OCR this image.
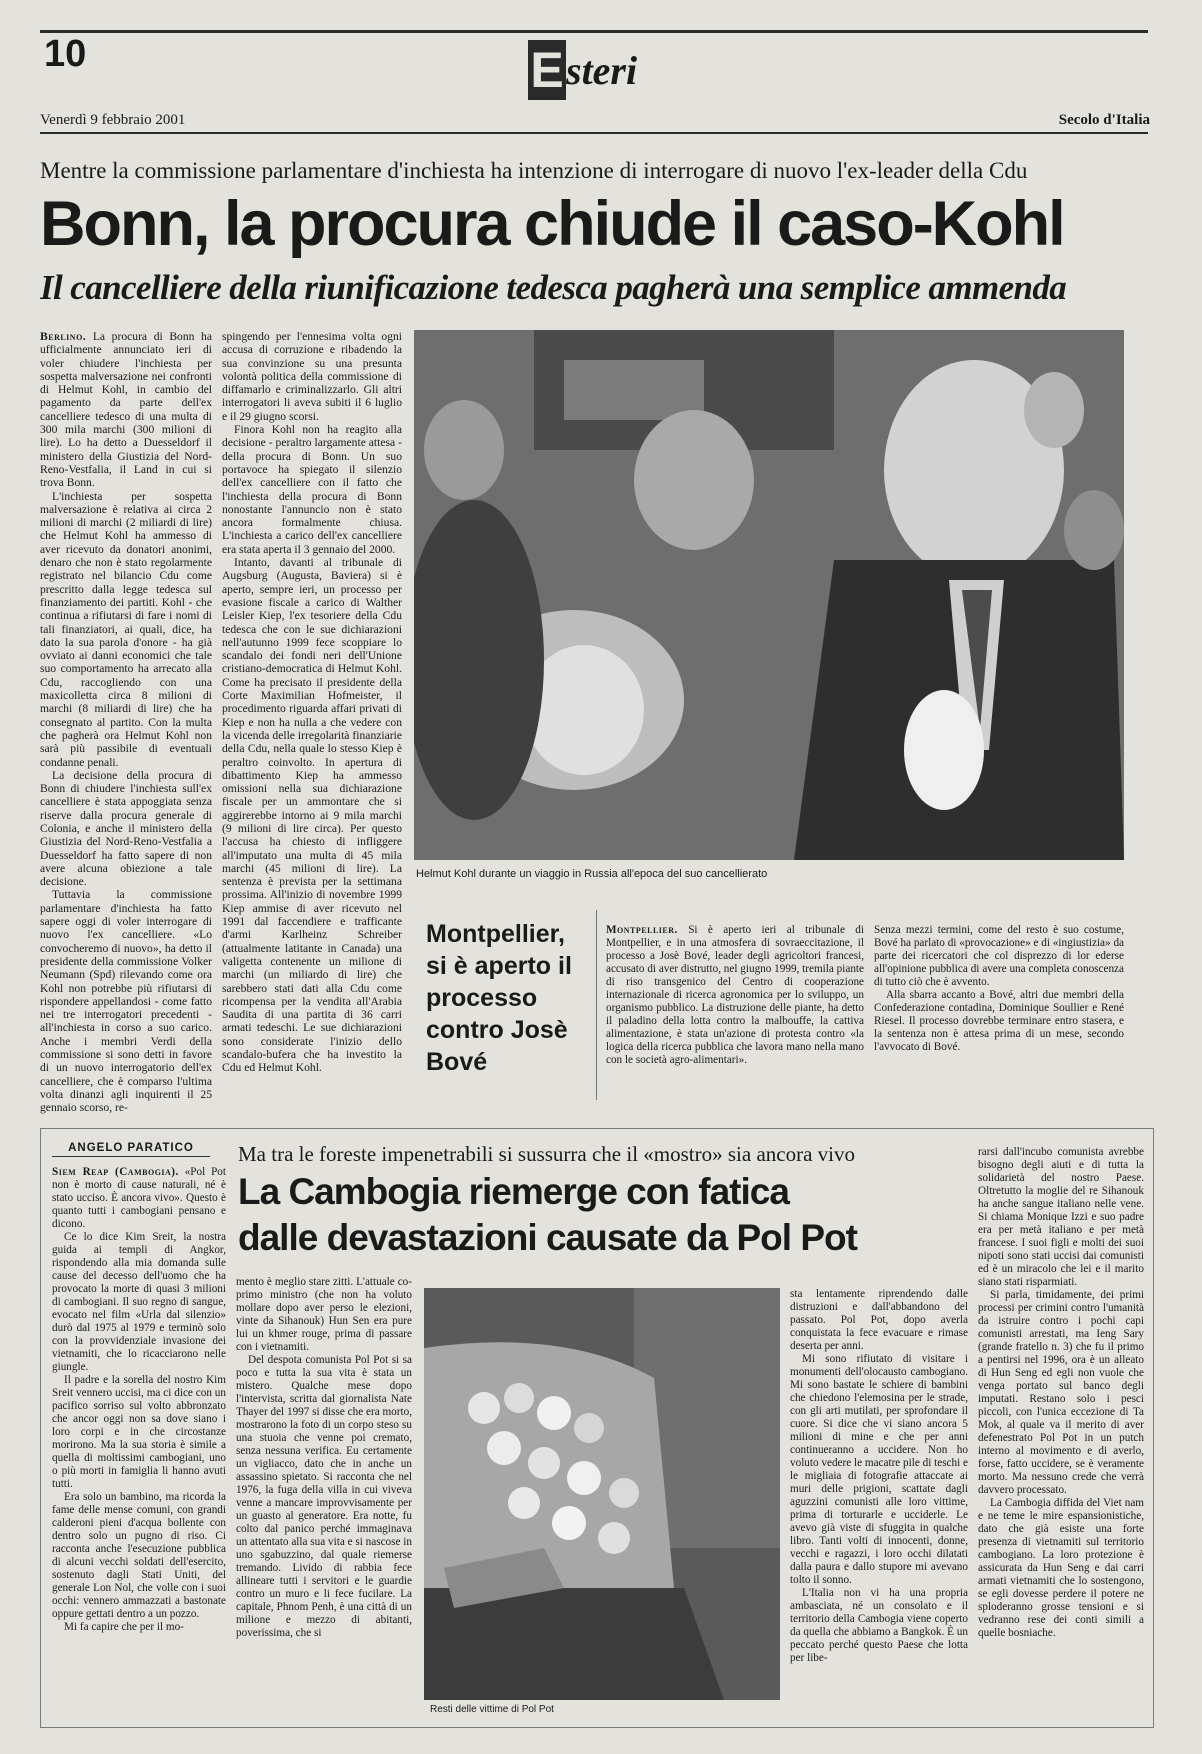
10	Esteri
Venerdì 9 febbraio 2001	Secolo d'Italia
Mentre la commissione parlamentare d'inchiesta ha intenzione di interrogare di nuovo l'ex-leader della Cdu
Bonn, la procura chiude il caso-Kohl
Il cancelliere della riunificazione tedesca pagherà una semplice ammenda

Berlino. La procura di Bonn ha ufficialmente annunciato ieri di voler chiudere l'inchiesta per sospetta malversazione nei confronti di Helmut Kohl, in cambio del pagamento da parte dell'ex cancelliere tedesco di una multa di 300 mila marchi (300 milioni di lire). Lo ha detto a Duesseldorf il ministero della Giustizia del Nord-Reno-Vestfalia, il Land in cui si trova Bonn.

L'inchiesta per sospetta malversazione è relativa ai circa 2 milioni di marchi (2 miliardi di lire) che Helmut Kohl ha ammesso di aver ricevuto da donatori anonimi, denaro che non è stato regolarmente registrato nel bilancio Cdu come prescritto dalla legge tedesca sul finanziamento dei partiti. Kohl - che continua a rifiutarsi di fare i nomi di tali finanziatori, ai quali, dice, ha dato la sua parola d'onore - ha già ovviato ai danni economici che tale suo comportamento ha arrecato alla Cdu, raccogliendo con una maxicolletta circa 8 milioni di marchi (8 miliardi di lire) che ha consegnato al partito. Con la multa che pagherà ora Helmut Kohl non sarà più passibile di eventuali condanne penali.

La decisione della procura di Bonn di chiudere l'inchiesta sull'ex cancelliere è stata appoggiata senza riserve dalla procura generale di Colonia, e anche il ministero della Giustizia del Nord-Reno-Vestfalia a Duesseldorf ha fatto sapere di non avere alcuna obiezione a tale decisione.

Tuttavia la commissione parlamentare d'inchiesta ha fatto sapere oggi di voler interrogare di nuovo l'ex cancelliere. «Lo convocheremo di nuovo», ha detto il presidente della commissione Volker Neumann (Spd) rilevando come ora Kohl non potrebbe più rifiutarsi di rispondere appellandosi - come fatto nei tre interrogatori precedenti - all'inchiesta in corso a suo carico. Anche i membri Verdi della commissione si sono detti in favore di un nuovo interrogatorio dell'ex cancelliere, che è comparso l'ultima volta dinanzi agli inquirenti il 25 gennaio scorso, re-

spingendo per l'ennesima volta ogni accusa di corruzione e ribadendo la sua convinzione su una presunta volontà politica della commissione di diffamarlo e criminalizzarlo. Gli altri interrogatori li aveva subiti il 6 luglio e il 29 giugno scorsi.

Finora Kohl non ha reagito alla decisione - peraltro largamente attesa - della procura di Bonn. Un suo portavoce ha spiegato il silenzio dell'ex cancelliere con il fatto che l'inchiesta della procura di Bonn nonostante l'annuncio non è stato ancora formalmente chiusa. L'inchiesta a carico dell'ex cancelliere era stata aperta il 3 gennaio del 2000.

Intanto, davanti al tribunale di Augsburg (Augusta, Baviera) si è aperto, sempre ieri, un processo per evasione fiscale a carico di Walther Leisler Kiep, l'ex tesoriere della Cdu tedesca che con le sue dichiarazioni nell'autunno 1999 fece scoppiare lo scandalo dei fondi neri dell'Unione cristiano-democratica di Helmut Kohl. Come ha precisato il presidente della Corte Maximilian Hofmeister, il procedimento riguarda affari privati di Kiep e non ha nulla a che vedere con la vicenda delle irregolarità finanziarie della Cdu, nella quale lo stesso Kiep è peraltro coinvolto. In apertura di dibattimento Kiep ha ammesso omissioni nella sua dichiarazione fiscale per un ammontare che si aggirerebbe intorno ai 9 mila marchi (9 milioni di lire circa). Per questo l'accusa ha chiesto di infliggere all'imputato una multa di 45 mila marchi (45 milioni di lire). La sentenza è prevista per la settimana prossima. All'inizio di novembre 1999 Kiep ammise di aver ricevuto nel 1991 dal faccendiere e trafficante d'armi Karlheinz Schreiber (attualmente latitante in Canada) una valigetta contenente un milione di marchi (un miliardo di lire) che sarebbero stati dati alla Cdu come ricompensa per la vendita all'Arabia Saudita di una partita di 36 carri armati tedeschi. Le sue dichiarazioni sono considerate l'inizio dello scandalo-bufera che ha investito la Cdu ed Helmut Kohl.

Helmut Kohl durante un viaggio in Russia all'epoca del suo cancellierato
Montpellier, si è aperto il processo contro Josè Bové

Montpellier. Si è aperto ieri al tribunale di Montpellier, e in una atmosfera di sovraeccitazione, il processo a Josè Bové, leader degli agricoltori francesi, accusato di aver distrutto, nel giugno 1999, tremila piante di riso transgenico del Centro di cooperazione internazionale di ricerca agronomica per lo sviluppo, un organismo pubblico. La distruzione delle piante, ha detto il paladino della lotta contro la malbouffe, la cattiva alimentazione, è stata un'azione di protesta contro «la logica della ricerca pubblica che lavora mano nella mano con le società agro-alimentari».

Senza mezzi termini, come del resto è suo costume, Bové ha parlato di «provocazione» e di «ingiustizia» da parte dei ricercatori che col disprezzo di lor ederse all'opinione pubblica di avere una completa conoscenza di tutto ciò che è avvento.

Alla sbarra accanto a Bové, altri due membri della Confederazione contadina, Dominique Soullier e René Riesel. Il processo dovrebbe terminare entro stasera, e la sentenza non è attesa prima di un mese, secondo l'avvocato di Bové.

ANGELO PARATICO	Ma tra le foreste impenetrabili si sussurra che il «mostro» sia ancora vivo
La Cambogia riemerge con fatica
dalle devastazioni causate da Pol Pot

Siem Reap (Cambogia). «Pol Pot non è morto di cause naturali, né è stato ucciso. È ancora vivo». Questo è quanto tutti i cambogiani pensano e dicono.

Ce lo dice Kim Sreit, la nostra guida ai templi di Angkor, rispondendo alla mia domanda sulle cause del decesso dell'uomo che ha provocato la morte di quasi 3 milioni di cambogiani. Il suo regno di sangue, evocato nel film «Urla dal silenzio» durò dal 1975 al 1979 e terminò solo con la provvidenziale invasione dei vietnamiti, che lo ricacciarono nelle giungle.

Il padre e la sorella del nostro Kim Sreit vennero uccisi, ma ci dice con un pacifico sorriso sul volto abbronzato che ancor oggi non sa dove siano i loro corpi e in che circostanze morirono. Ma la sua storia è simile a quella di moltissimi cambogiani, uno o più morti in famiglia li hanno avuti tutti.

Era solo un bambino, ma ricorda la fame delle mense comuni, con grandi calderoni pieni d'acqua bollente con dentro solo un pugno di riso. Ci racconta anche l'esecuzione pubblica di alcuni vecchi soldati dell'esercito, sostenuto dagli Stati Uniti, del generale Lon Nol, che volle con i suoi occhi: vennero ammazzati a bastonate oppure gettati dentro a un pozzo.

Mi fa capire che per il mo-

Resti delle vittime di Pol Pot

mento è meglio stare zitti. L'attuale co-primo ministro (che non ha voluto mollare dopo aver perso le elezioni, vinte da Sihanouk) Hun Sen era pure lui un khmer rouge, prima di passare con i vietnamiti.

Del despota comunista Pol Pot si sa poco e tutta la sua vita è stata un mistero. Qualche mese dopo l'intervista, scritta dal giornalista Nate Thayer del 1997 si disse che era morto, mostrarono la foto di un corpo steso su una stuoia che venne poi cremato, senza nessuna verifica. Eu certamente un vigliacco, dato che in anche un assassino spietato. Si racconta che nel 1976, la fuga della villa in cui viveva venne a mancare improvvisamente per un guasto al generatore. Era notte, fu colto dal panico perché immaginava un attentato alla sua vita e si nascose in uno sgabuzzino, dal quale riemerse tremando. Livido di rabbia fece allineare tutti i servitori e le guardie contro un muro e li fece fucilare. La capitale, Phnom Penh, è una città di un milione e mezzo di abitanti, poverissima, che si

sta lentamente riprendendo dalle distruzioni e dall'abbandono del passato. Pol Pot, dopo averla conquistata la fece evacuare e rimase deserta per anni.

Mi sono rifiutato di visitare i monumenti dell'olocausto cambogiano. Mi sono bastate le schiere di bambini che chiedono l'elemosina per le strade, con gli arti mutilati, per sprofondare il cuore. Si dice che vi siano ancora 5 milioni di mine e che per anni continueranno a uccidere. Non ho voluto vedere le macatre pile di teschi e le migliaia di fotografie attaccate ai muri delle prigioni, scattate dagli aguzzini comunisti alle loro vittime, prima di torturarle e ucciderle. Le avevo già viste di sfuggita in qualche libro. Tanti volti di innocenti, donne, vecchi e ragazzi, i loro occhi dilatati dalla paura e dallo stupore mi avevano tolto il sonno.

L'Italia non vi ha una propria ambasciata, né un consolato e il territorio della Cambogia viene coperto da quella che abbiamo a Bangkok. È un peccato perché questo Paese che lotta per libe-

rarsi dall'incubo comunista avrebbe bisogno degli aiuti e di tutta la solidarietà del nostro Paese. Oltretutto la moglie del re Sihanouk ha anche sangue italiano nelle vene. Si chiama Monique Izzi e suo padre era per metà italiano e per metà francese. I suoi figli e molti dei suoi nipoti sono stati uccisi dai comunisti ed è un miracolo che lei e il marito siano stati risparmiati.

Si parla, timidamente, dei primi processi per crimini contro l'umanità da istruire contro i pochi capi comunisti arrestati, ma Ieng Sary (grande fratello n. 3) che fu il primo a pentirsi nel 1996, ora è un alleato di Hun Seng ed egli non vuole che venga portato sul banco degli imputati. Restano solo i pesci piccoli, con l'unica eccezione di Ta Mok, al quale va il merito di aver defenestrato Pol Pot in un putch interno al movimento e di averlo, forse, fatto uccidere, se è veramente morto. Ma nessuno crede che verrà davvero processato.

La Cambogia diffida del Viet nam e ne teme le mire espansionistiche, dato che già esiste una forte presenza di vietnamiti sul territorio cambogiano. La loro protezione è assicurata da Hun Seng e dai carri armati vietnamiti che lo sostengono, se egli dovesse perdere il potere ne sploderanno grosse tensioni e si vedranno rese dei conti simili a quelle bosniache.
